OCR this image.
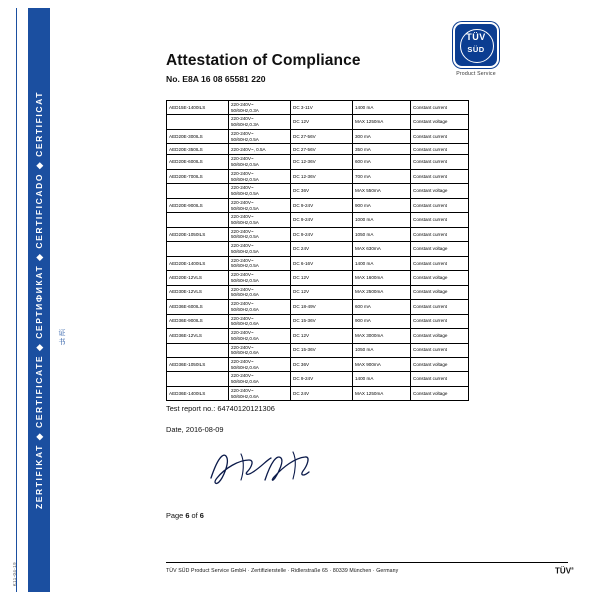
K11-04-19
ZERTIFIKAT ◆ CERTIFICATE ◆ СЕРТИФИКАТ ◆ CERTIFICADO ◆ CERTIFICAT	证书
TÜV
SÜD
Product Service
Attestation of Compliance
No. E8A 16 08 65581 220
AED15E-1400ILS	220-240V~
50/60Hz,0.3A	DC 3-11V	1400 mA	Constant current

	220-240V~
50/60Hz,0.3A	DC 12V	MAX 1250mA	Constant voltage
AED20E-300ILS	220-240V~
50/60Hz,0.5A	DC 27-56V	300 mA	Constant current
AED20E-350ILS	220-240V~, 0.5A	DC 27-56V	350 mA	Constant current
AED20E-600ILS	220-240V~
50/60Hz,0.5A	DC 12-36V	600 mA	Constant current
AED20E-700ILS	220-240V~
50/60Hz,0.5A	DC 12-36V	700 mA	Constant current

	220-240V~
50/60Hz,0.5A	DC 36V	MAX 550mA	Constant voltage
AED20E-900ILS	220-240V~
50/60Hz,0.5A	DC 9-24V	900 mA	Constant current

	220-240V~
50/60Hz,0.5A	DC 9-24V	1000 mA	Constant current
AED20E-1050ILS	220-240V~
50/60Hz,0.5A	DC 9-24V	1050 mA	Constant current

	220-240V~
50/60Hz,0.5A	DC 24V	MAX 630mA	Constant voltage
AED20E-1400ILS	220-240V~
50/60Hz,0.5A	DC 6-16V	1400 mA	Constant current
AED20E-12VLS	220-240V~
50/60Hz,0.5A	DC 12V	MAX 1600mA	Constant voltage
AED30E-12VLS	220-240V~
50/60Hz,0.6A	DC 12V	MAX 2500mA	Constant voltage
AED36E-600ILS	220-240V~
50/60Hz,0.6A	DC 18-49V	600 mA	Constant current
AED36E-900ILS	220-240V~
50/60Hz,0.6A	DC 15-36V	900 mA	Constant current
AED36E-12VLS	220-240V~
50/60Hz,0.6A	DC 12V	MAX 3000mA	Constant voltage

	220-240V~
50/60Hz,0.6A	DC 15-36V	1050 mA	Constant current
AED36E-1050ILS	220-240V~
50/60Hz,0.6A	DC 36V	MAX 900mA	Constant voltage

	220-240V~
50/60Hz,0.6A	DC 9-24V	1400 mA	Constant current
AED36E-1400ILS	220-240V~
50/60Hz,0.6A	DC 24V	MAX 1250mA	Constant voltage
Test report no.: 64740120121306
Date, 2016-08-09
Page 6 of 6
TÜV SÜD Product Service GmbH · Zertifizierstelle · Ridlerstraße 65 · 80339 München · Germany	TÜV®
